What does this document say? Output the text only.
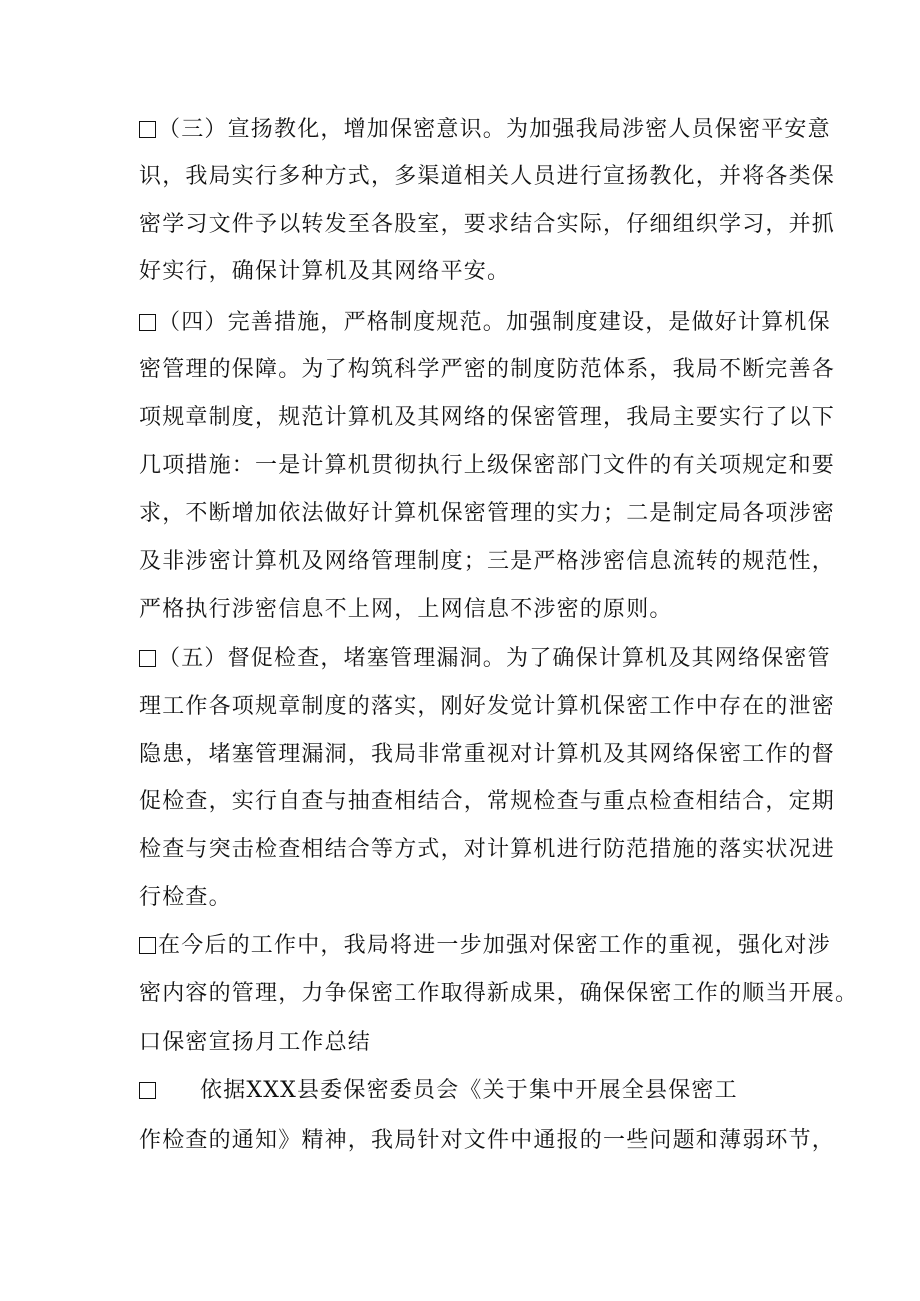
（三）宣扬教化，增加保密意识。为加强我局涉密人员保密平安意
识，我局实行多种方式，多渠道相关人员进行宣扬教化，并将各类保
密学习文件予以转发至各股室，要求结合实际，仔细组织学习，并抓
好实行，确保计算机及其网络平安。
（四）完善措施，严格制度规范。加强制度建设，是做好计算机保
密管理的保障。为了构筑科学严密的制度防范体系，我局不断完善各
项规章制度，规范计算机及其网络的保密管理，我局主要实行了以下
几项措施：一是计算机贯彻执行上级保密部门文件的有关项规定和要
求，不断增加依法做好计算机保密管理的实力；二是制定局各项涉密
及非涉密计算机及网络管理制度；三是严格涉密信息流转的规范性，
严格执行涉密信息不上网，上网信息不涉密的原则。
（五）督促检查，堵塞管理漏洞。为了确保计算机及其网络保密管
理工作各项规章制度的落实，刚好发觉计算机保密工作中存在的泄密
隐患，堵塞管理漏洞，我局非常重视对计算机及其网络保密工作的督
促检查，实行自查与抽查相结合，常规检查与重点检查相结合，定期
检查与突击检查相结合等方式，对计算机进行防范措施的落实状况进
行检查。
在今后的工作中，我局将进一步加强对保密工作的重视，强化对涉
密内容的管理，力争保密工作取得新成果，确保保密工作的顺当开展。
口保密宣扬月工作总结
依据XXX县委保密委员会《关于集中开展全县保密工
作检查的通知》精神，我局针对文件中通报的一些问题和薄弱环节，
